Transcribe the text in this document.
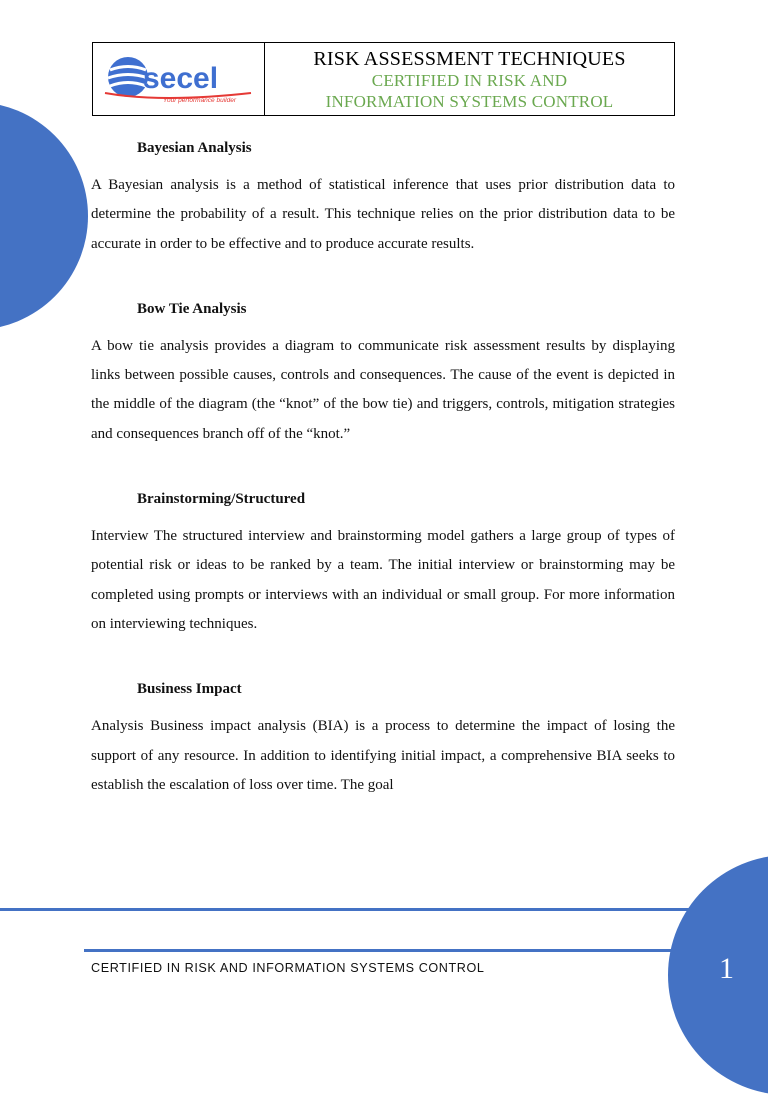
secel
Your performance builder
RISK ASSESSMENT TECHNIQUES
CERTIFIED IN RISK AND
INFORMATION SYSTEMS CONTROL
Bayesian Analysis

A Bayesian analysis is a method of statistical inference that uses prior distribution data to determine the probability of a result. This technique relies on the prior distribution data to be accurate in order to be effective and to produce accurate results.

Bow Tie Analysis

A bow tie analysis provides a diagram to communicate risk assessment results by displaying links between possible causes, controls and consequences. The cause of the event is depicted in the middle of the diagram (the “knot” of the bow tie) and triggers, controls, mitigation strategies and consequences branch off of the “knot.”

Brainstorming/Structured

Interview The structured interview and brainstorming model gathers a large group of types of potential risk or ideas to be ranked by a team. The initial interview or brainstorming may be completed using prompts or interviews with an individual or small group. For more information on interviewing techniques.

Business Impact

Analysis Business impact analysis (BIA) is a process to determine the impact of losing the support of any resource. In addition to identifying initial impact, a comprehensive BIA seeks to establish the escalation of loss over time. The goal

CERTIFIED IN RISK AND INFORMATION SYSTEMS CONTROL	1
